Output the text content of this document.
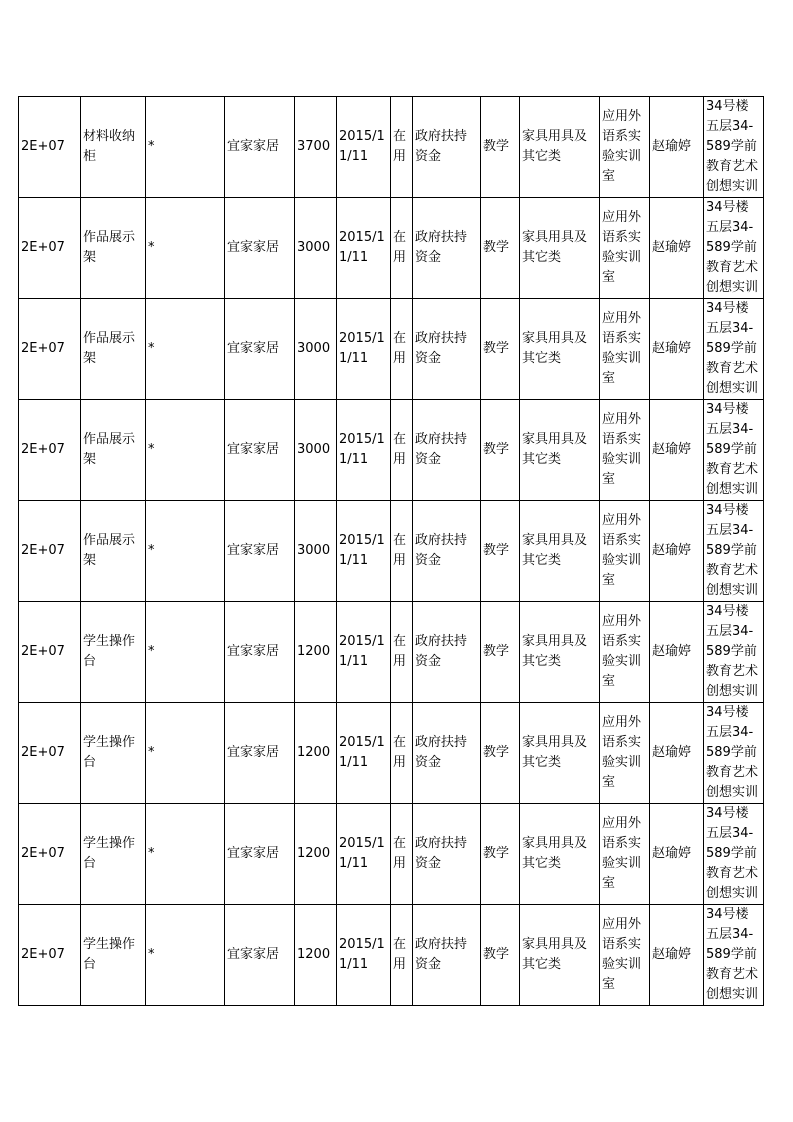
2E+07	材料收纳柜	*	宜家家居	3700	2015/11/11	在用	政府扶持资金	教学	家具用具及其它类	应用外语系实验实训室	赵瑜婷	34号楼五层34-589学前教育艺术创想实训
2E+07	作品展示架	*	宜家家居	3000	2015/11/11	在用	政府扶持资金	教学	家具用具及其它类	应用外语系实验实训室	赵瑜婷	34号楼五层34-589学前教育艺术创想实训
2E+07	作品展示架	*	宜家家居	3000	2015/11/11	在用	政府扶持资金	教学	家具用具及其它类	应用外语系实验实训室	赵瑜婷	34号楼五层34-589学前教育艺术创想实训
2E+07	作品展示架	*	宜家家居	3000	2015/11/11	在用	政府扶持资金	教学	家具用具及其它类	应用外语系实验实训室	赵瑜婷	34号楼五层34-589学前教育艺术创想实训
2E+07	作品展示架	*	宜家家居	3000	2015/11/11	在用	政府扶持资金	教学	家具用具及其它类	应用外语系实验实训室	赵瑜婷	34号楼五层34-589学前教育艺术创想实训
2E+07	学生操作台	*	宜家家居	1200	2015/11/11	在用	政府扶持资金	教学	家具用具及其它类	应用外语系实验实训室	赵瑜婷	34号楼五层34-589学前教育艺术创想实训
2E+07	学生操作台	*	宜家家居	1200	2015/11/11	在用	政府扶持资金	教学	家具用具及其它类	应用外语系实验实训室	赵瑜婷	34号楼五层34-589学前教育艺术创想实训
2E+07	学生操作台	*	宜家家居	1200	2015/11/11	在用	政府扶持资金	教学	家具用具及其它类	应用外语系实验实训室	赵瑜婷	34号楼五层34-589学前教育艺术创想实训
2E+07	学生操作台	*	宜家家居	1200	2015/11/11	在用	政府扶持资金	教学	家具用具及其它类	应用外语系实验实训室	赵瑜婷	34号楼五层34-589学前教育艺术创想实训
